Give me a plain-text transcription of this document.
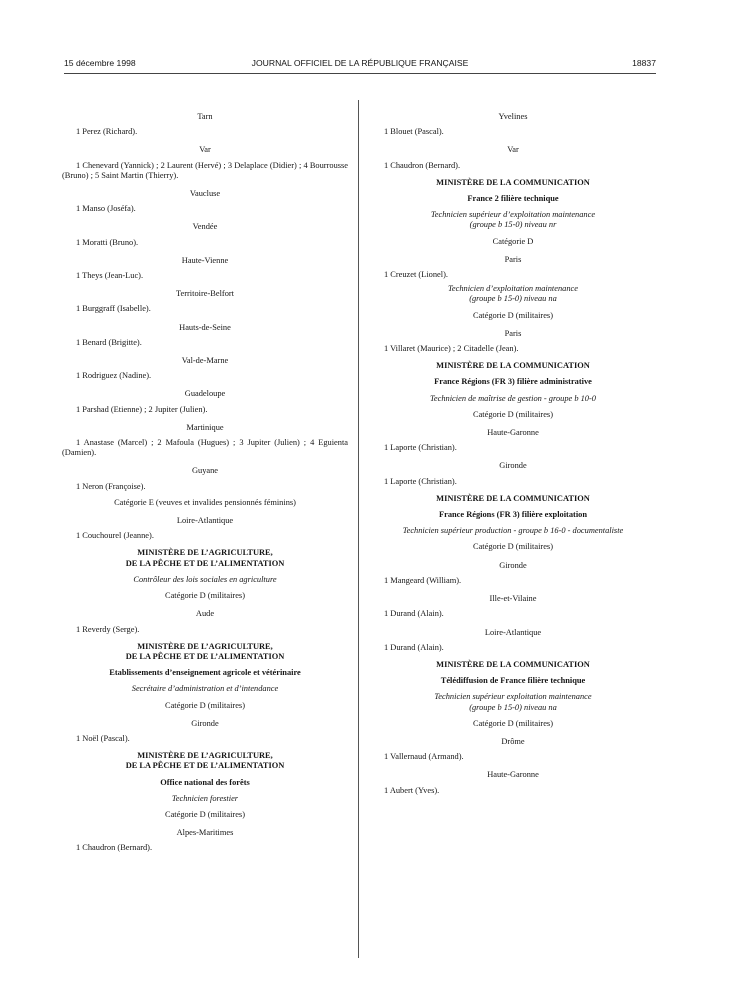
15 décembre 1998	JOURNAL OFFICIEL DE LA RÉPUBLIQUE FRANÇAISE	18837
Tarn
1 Perez (Richard).
Var
1 Chenevard (Yannick) ; 2 Laurent (Hervé) ; 3 Delaplace (Didier) ; 4 Bourrousse (Bruno) ; 5 Saint Martin (Thierry).
Vaucluse
1 Manso (Joséfa).
Vendée
1 Moratti (Bruno).
Haute-Vienne
1 Theys (Jean-Luc).
Territoire-Belfort
1 Burggraff (Isabelle).
Hauts-de-Seine
1 Benard (Brigitte).
Val-de-Marne
1 Rodriguez (Nadine).
Guadeloupe
1 Parshad (Etienne) ; 2 Jupiter (Julien).
Martinique
1 Anastase (Marcel) ; 2 Mafoula (Hugues) ; 3 Jupiter (Julien) ; 4 Eguienta (Damien).
Guyane
1 Neron (Françoise).
Catégorie E (veuves et invalides pensionnés féminins)
Loire-Atlantique
1 Couchourel (Jeanne).
MINISTÈRE DE L’AGRICULTURE,
DE LA PÊCHE ET DE L’ALIMENTATION
Contrôleur des lois sociales en agriculture
Catégorie D (militaires)
Aude
1 Reverdy (Serge).
MINISTÈRE DE L’AGRICULTURE,
DE LA PÊCHE ET DE L’ALIMENTATION
Etablissements d’enseignement agricole et vétérinaire
Secrétaire d’administration et d’intendance
Catégorie D (militaires)
Gironde
1 Noël (Pascal).
MINISTÈRE DE L’AGRICULTURE,
DE LA PÊCHE ET DE L’ALIMENTATION
Office national des forêts
Technicien forestier
Catégorie D (militaires)
Alpes-Maritimes
1 Chaudron (Bernard).
Yvelines
1 Blouet (Pascal).
Var
1 Chaudron (Bernard).
MINISTÈRE DE LA COMMUNICATION
France 2 filière technique
Technicien supérieur d’exploitation maintenance
(groupe b 15-0) niveau nr
Catégorie D
Paris
1 Creuzet (Lionel).
Technicien d’exploitation maintenance
(groupe b 15-0) niveau na
Catégorie D (militaires)
Paris
1 Villaret (Maurice) ; 2 Citadelle (Jean).
MINISTÈRE DE LA COMMUNICATION
France Régions (FR 3) filière administrative
Technicien de maîtrise de gestion - groupe b 10-0
Catégorie D (militaires)
Haute-Garonne
1 Laporte (Christian).
Gironde
1 Laporte (Christian).
MINISTÈRE DE LA COMMUNICATION
France Régions (FR 3) filière exploitation
Technicien supérieur production - groupe b 16-0 - documentaliste
Catégorie D (militaires)
Gironde
1 Mangeard (William).
Ille-et-Vilaine
1 Durand (Alain).
Loire-Atlantique
1 Durand (Alain).
MINISTÈRE DE LA COMMUNICATION
Télédiffusion de France filière technique
Technicien supérieur exploitation maintenance
(groupe b 15-0) niveau na
Catégorie D (militaires)
Drôme
1 Vallernaud (Armand).
Haute-Garonne
1 Aubert (Yves).
